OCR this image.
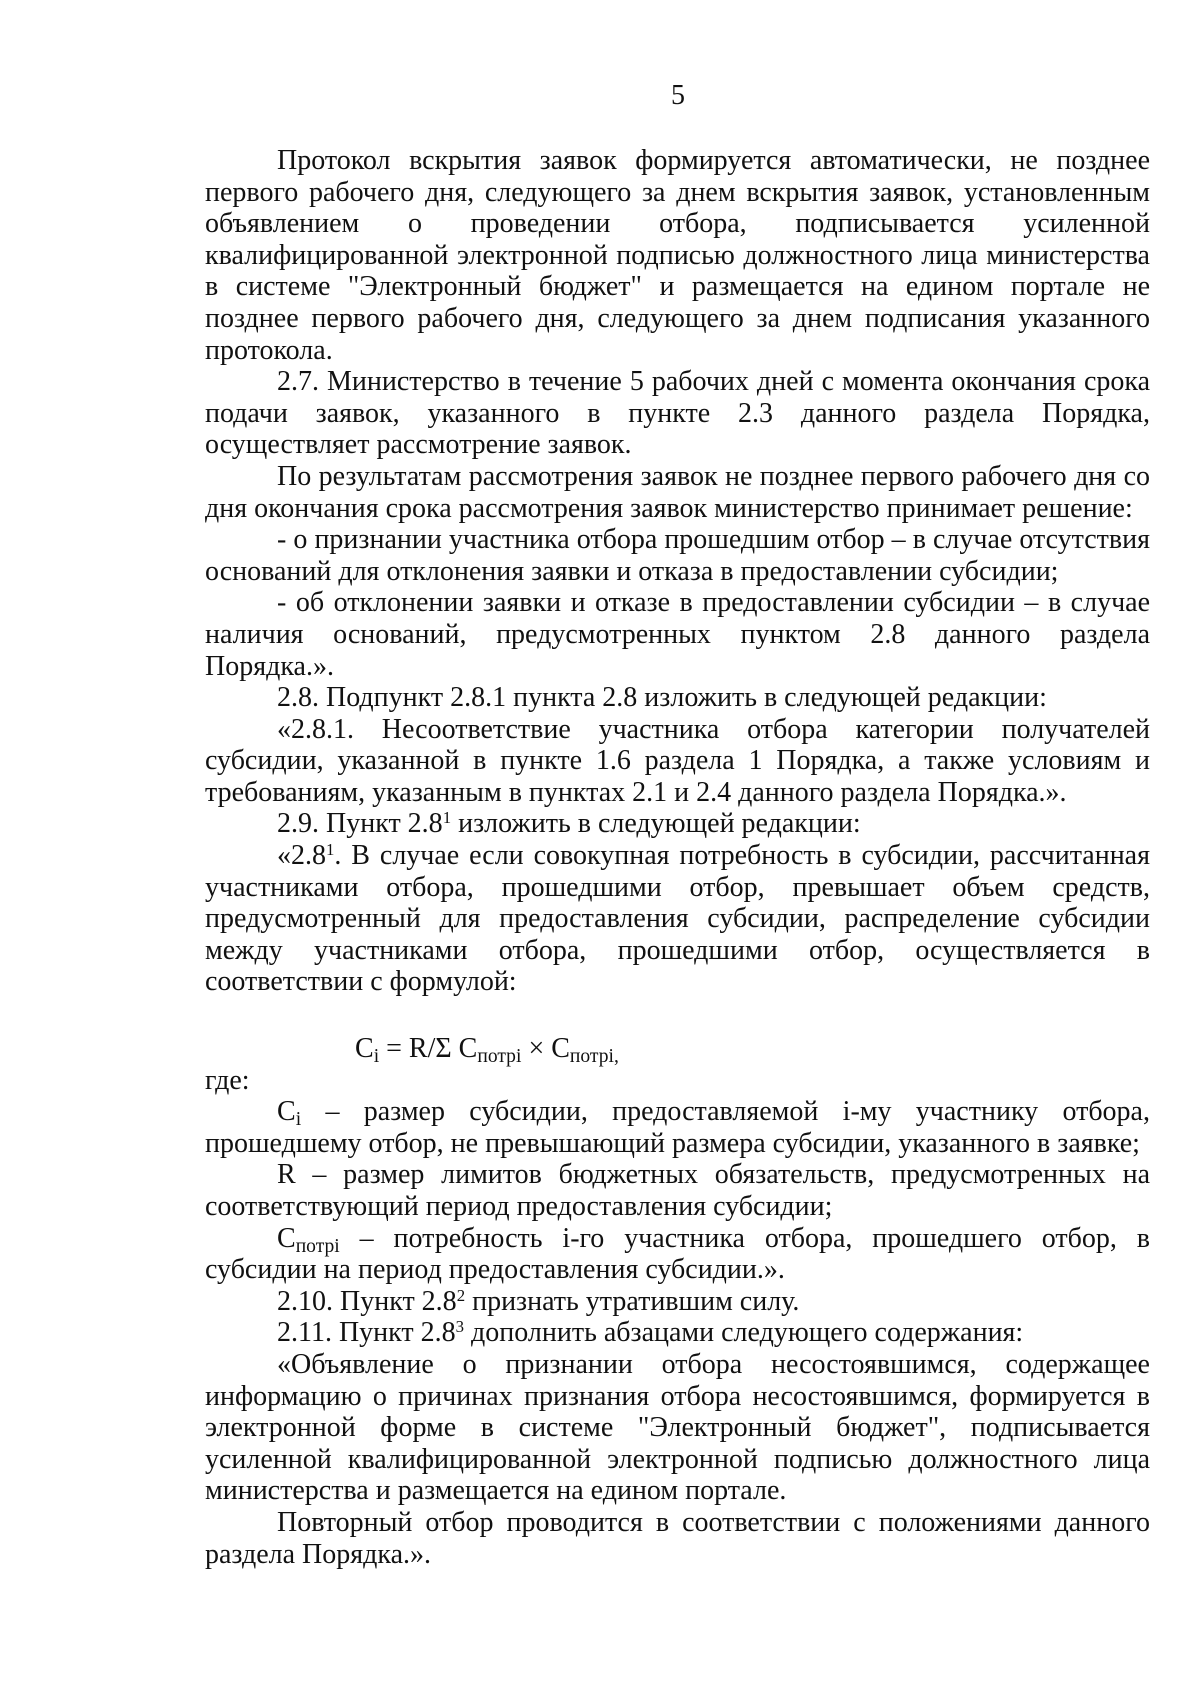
5

Протокол вскрытия заявок формируется автоматически, не позднее первого рабочего дня, следующего за днем вскрытия заявок, установленным объявлением о проведении отбора, подписывается усиленной квалифицированной электронной подписью должностного лица министерства в системе "Электронный бюджет" и размещается на едином портале не позднее первого рабочего дня, следующего за днем подписания указанного протокола.

2.7. Министерство в течение 5 рабочих дней с момента окончания срока подачи заявок, указанного в пункте 2.3 данного раздела Порядка, осуществляет рассмотрение заявок.

По результатам рассмотрения заявок не позднее первого рабочего дня со дня окончания срока рассмотрения заявок министерство принимает решение:

- о признании участника отбора прошедшим отбор – в случае отсутствия оснований для отклонения заявки и отказа в предоставлении субсидии;

- об отклонении заявки и отказе в предоставлении субсидии – в случае наличия оснований, предусмотренных пунктом 2.8 данного раздела Порядка.».

2.8. Подпункт 2.8.1 пункта 2.8 изложить в следующей редакции:

«2.8.1. Несоответствие участника отбора категории получателей субсидии, указанной в пункте 1.6 раздела 1 Порядка, а также условиям и требованиям, указанным в пунктах 2.1 и 2.4 данного раздела Порядка.».

2.9. Пункт $2.8^1$ изложить в следующей редакции:

«$2.8^1$. В случае если совокупная потребность в субсидии, рассчитанная участниками отбора, прошедшими отбор, превышает объем средств, предусмотренный для предоставления субсидии, распределение субсидии между участниками отбора, прошедшими отбор, осуществляется в соответствии с формулой:

$C_i = R/\Sigma$ $C_{потрi} \times C_{потрi,}$

где:

$C_i$ – размер субсидии, предоставляемой i-му участнику отбора, прошедшему отбор, не превышающий размера субсидии, указанного в заявке;

R – размер лимитов бюджетных обязательств, предусмотренных на соответствующий период предоставления субсидии;

$C_{потрi}$ – потребность i-го участника отбора, прошедшего отбор, в субсидии на период предоставления субсидии.».

2.10. Пункт $2.8^2$ признать утратившим силу.

2.11. Пункт $2.8^3$ дополнить абзацами следующего содержания:

«Объявление о признании отбора несостоявшимся, содержащее информацию о причинах признания отбора несостоявшимся, формируется в электронной форме в системе "Электронный бюджет", подписывается усиленной квалифицированной электронной подписью должностного лица министерства и размещается на едином портале.

Повторный отбор проводится в соответствии с положениями данного раздела Порядка.».
